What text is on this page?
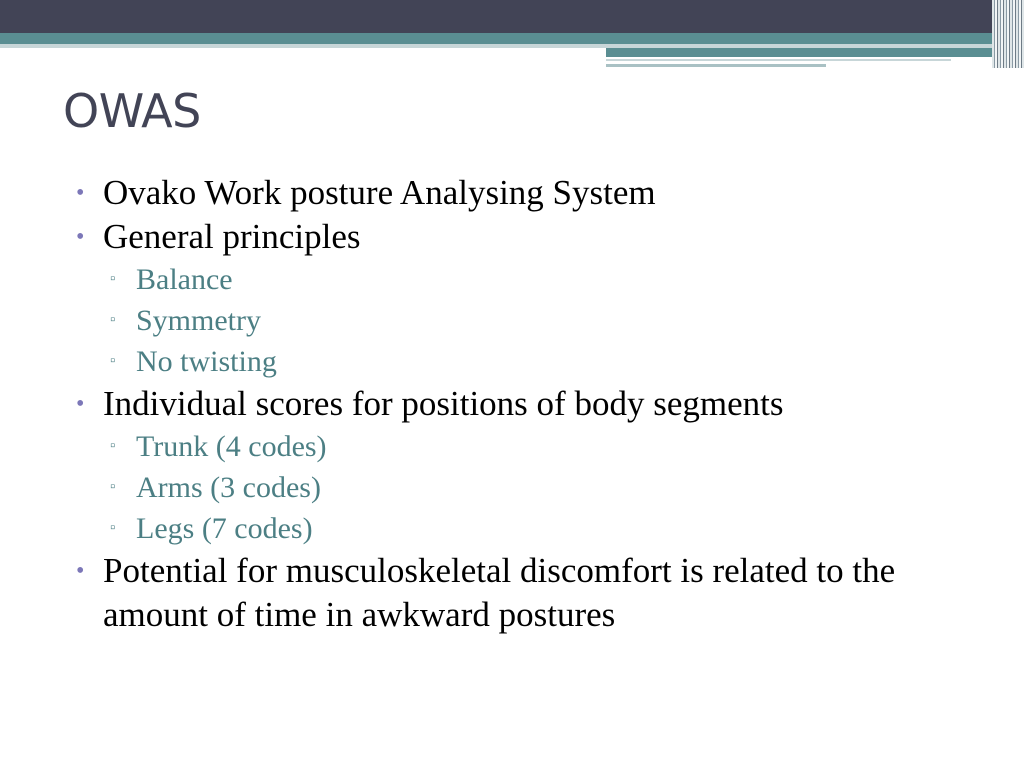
OWAS
• Ovako Work posture Analysing System
• General principles
▫ Balance
▫ Symmetry
▫ No twisting
• Individual scores for positions of body segments
▫ Trunk (4 codes)
▫ Arms (3 codes)
▫ Legs (7 codes)
• Potential for musculoskeletal discomfort is related to the amount of time in awkward postures
